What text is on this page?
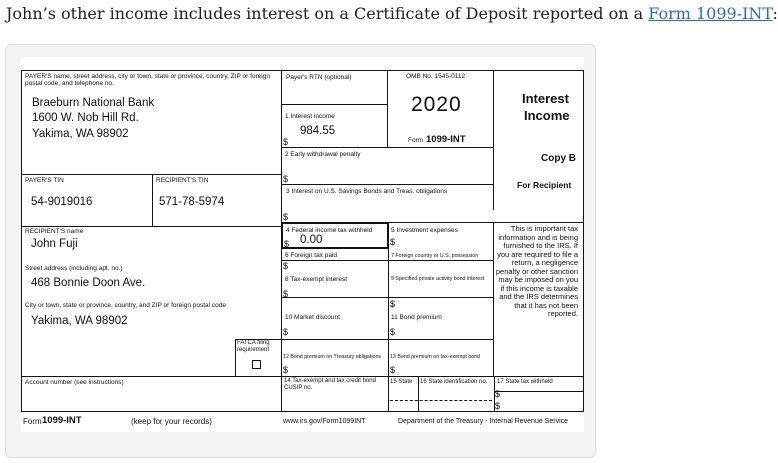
John’s other income includes interest on a Certificate of Deposit reported on a Form 1099-INT:
PAYER'S name, street address, city or town, state or province, country, ZIP or foreign postal code, and telephone no.
Braeburn National Bank
1600 W. Nob Hill Rd.
Yakima, WA 98902
Payer's RTN (optional)	OMB No. 1545-0112
2020
Form 1099-INT
Interest
Income
1 Interest income
984.55
$
2 Early withdrawal penalty
$
Copy B
For Recipient
PAYER'S TIN	RECIPIENT'S TIN
54-9019016	571-78-5974
3 Interest on U.S. Savings Bonds and Treas. obligations
$
RECIPIENT'S name
John Fuji
4 Federal income tax withheld
0.00
$
5 Investment expenses
$
6 Foreign tax paid
$
7 Foreign country or U.S. possession
Street address (including apt. no.)
468 Bonnie Doon Ave.	8 Tax-exempt interest
$
9 Specified private activity bond interest
$
City or town, state or province, country, and ZIP or foreign postal code
Yakima, WA 98902	10 Market discount
$
11 Bond premium
$
FATCA filing requirement
12 Bond premium on Treasury obligations
$
13 Bond premium on tax-exempt bond
$
This is important tax information and is being furnished to the IRS. If you are required to file a return, a negligence penalty or other sanction may be imposed on you if this income is taxable and the IRS determines that it has not been reported.
Account number (see instructions)	14 Tax-exempt and tax credit bond CUSIP no.
15 State 16 State identification no. 17 State tax withheld
$
$
Form 1099-INT	(keep for your records)	www.irs.gov/Form1099INT	Department of the Treasury - Internal Revenue Service
